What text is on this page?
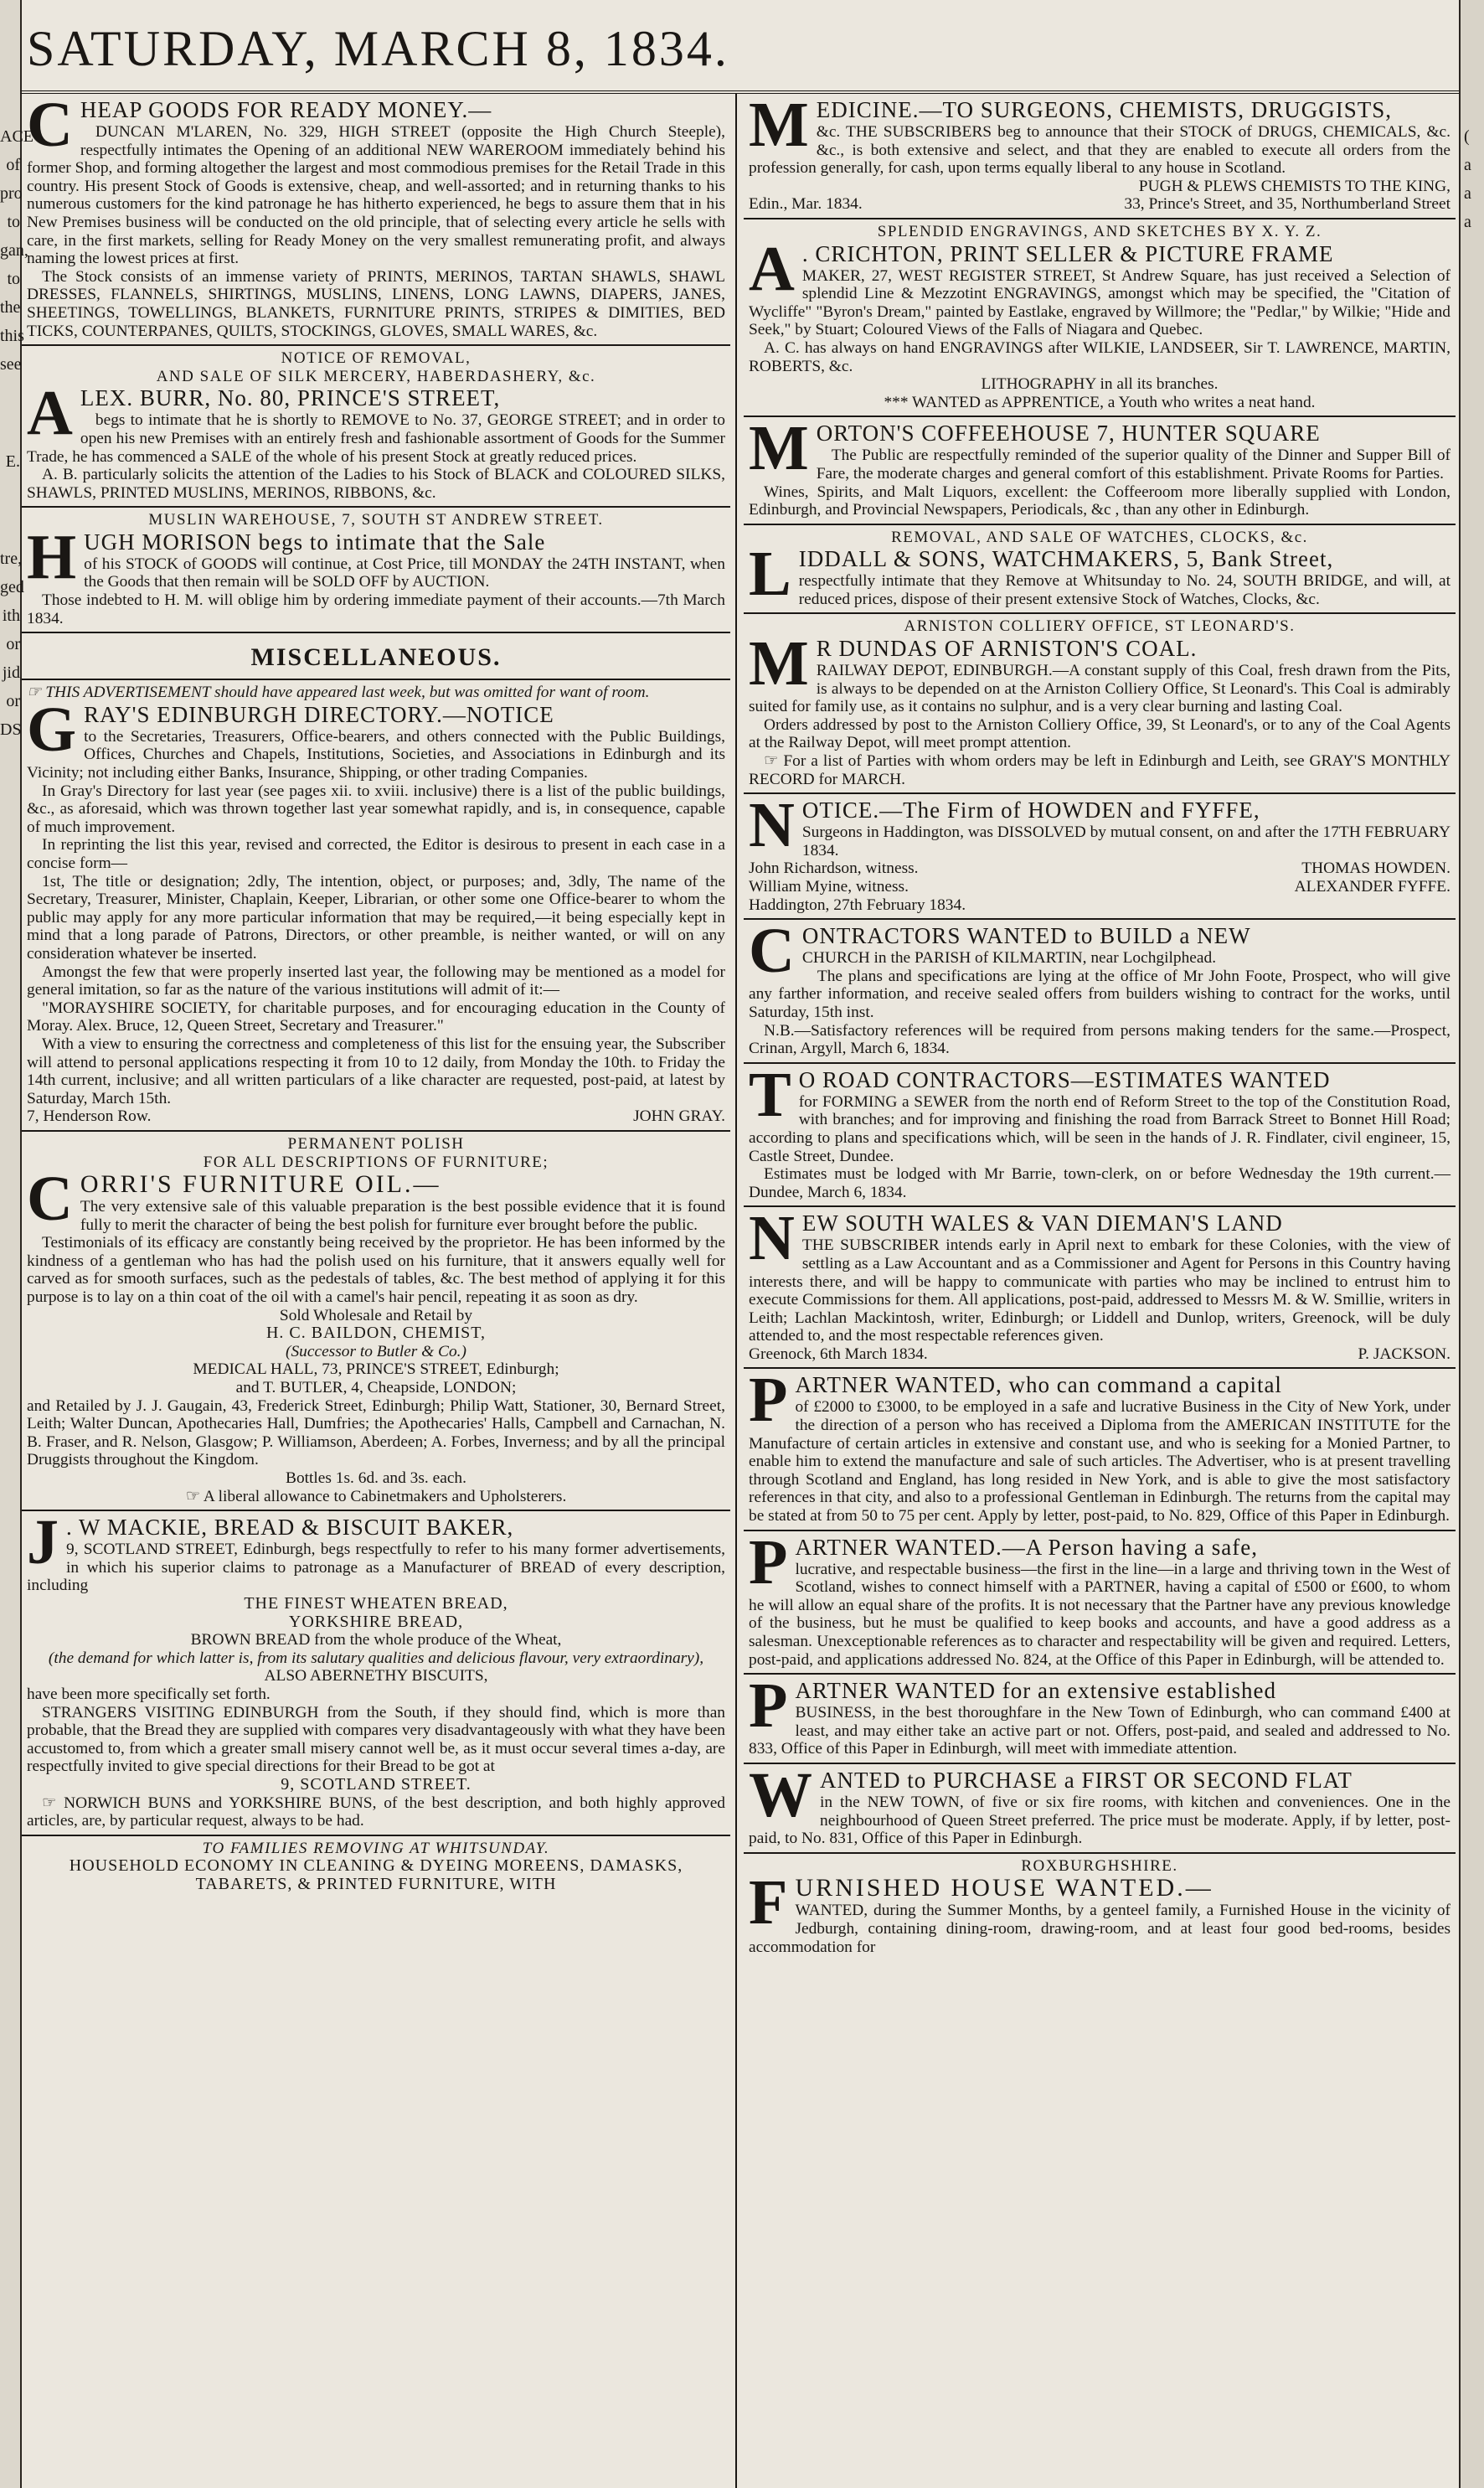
ACE
of
pro
to
gan,
to
the
this
see
E.
tre,
ged
ith
or
jid
or
DS
SATURDAY, MARCH 8, 1834.
CHEAP GOODS FOR READY MONEY.—

DUNCAN M'LAREN, No. 329, HIGH STREET (opposite the High Church Steeple), respectfully intimates the Opening of an additional NEW WAREROOM immediately behind his former Shop, and forming altogether the largest and most commodious premises for the Retail Trade in this country. His present Stock of Goods is extensive, cheap, and well-assorted; and in returning thanks to his numerous customers for the kind patronage he has hitherto experienced, he begs to assure them that in his New Premises business will be conducted on the old principle, that of selecting every article he sells with care, in the first markets, selling for Ready Money on the very smallest remunerating profit, and always naming the lowest prices at first.

The Stock consists of an immense variety of PRINTS, MERINOS, TARTAN SHAWLS, SHAWL DRESSES, FLANNELS, SHIRTINGS, MUSLINS, LINENS, LONG LAWNS, DIAPERS, JANES, SHEETINGS, TOWELLINGS, BLANKETS, FURNITURE PRINTS, STRIPES & DIMITIES, BED TICKS, COUNTERPANES, QUILTS, STOCKINGS, GLOVES, SMALL WARES, &c.

NOTICE OF REMOVAL,
AND SALE OF SILK MERCERY, HABERDASHERY, &c.
ALEX. BURR, No. 80, PRINCE'S STREET,

begs to intimate that he is shortly to REMOVE to No. 37, GEORGE STREET; and in order to open his new Premises with an entirely fresh and fashionable assortment of Goods for the Summer Trade, he has commenced a SALE of the whole of his present Stock at greatly reduced prices.

A. B. particularly solicits the attention of the Ladies to his Stock of BLACK and COLOURED SILKS, SHAWLS, PRINTED MUSLINS, MERINOS, RIBBONS, &c.

MUSLIN WAREHOUSE, 7, SOUTH ST ANDREW STREET.
HUGH MORISON begs to intimate that the Sale

of his STOCK of GOODS will continue, at Cost Price, till MONDAY the 24TH INSTANT, when the Goods that then remain will be SOLD OFF by AUCTION.

Those indebted to H. M. will oblige him by ordering immediate payment of their accounts.—7th March 1834.

MISCELLANEOUS.

☞ THIS ADVERTISEMENT should have appeared last week, but was omitted for want of room.

GRAY'S EDINBURGH DIRECTORY.—NOTICE

to the Secretaries, Treasurers, Office-bearers, and others connected with the Public Buildings, Offices, Churches and Chapels, Institutions, Societies, and Associations in Edinburgh and its Vicinity; not including either Banks, Insurance, Shipping, or other trading Companies.

In Gray's Directory for last year (see pages xii. to xviii. inclusive) there is a list of the public buildings, &c., as aforesaid, which was thrown together last year somewhat rapidly, and is, in consequence, capable of much improvement.

In reprinting the list this year, revised and corrected, the Editor is desirous to present in each case in a concise form—

1st, The title or designation; 2dly, The intention, object, or purposes; and, 3dly, The name of the Secretary, Treasurer, Minister, Chaplain, Keeper, Librarian, or other some one Office-bearer to whom the public may apply for any more particular information that may be required,—it being especially kept in mind that a long parade of Patrons, Directors, or other preamble, is neither wanted, or will on any consideration whatever be inserted.

Amongst the few that were properly inserted last year, the following may be mentioned as a model for general imitation, so far as the nature of the various institutions will admit of it:—

"MORAYSHIRE SOCIETY, for charitable purposes, and for encouraging education in the County of Moray. Alex. Bruce, 12, Queen Street, Secretary and Treasurer."

With a view to ensuring the correctness and completeness of this list for the ensuing year, the Subscriber will attend to personal applications respecting it from 10 to 12 daily, from Monday the 10th. to Friday the 14th current, inclusive; and all written particulars of a like character are requested, post-paid, at latest by Saturday, March 15th.

7, Henderson Row.	JOHN GRAY.
PERMANENT POLISH
FOR ALL DESCRIPTIONS OF FURNITURE;
CORRI'S FURNITURE OIL.—

The very extensive sale of this valuable preparation is the best possible evidence that it is found fully to merit the character of being the best polish for furniture ever brought before the public.

Testimonials of its efficacy are constantly being received by the proprietor. He has been informed by the kindness of a gentleman who has had the polish used on his furniture, that it answers equally well for carved as for smooth surfaces, such as the pedestals of tables, &c. The best method of applying it for this purpose is to lay on a thin coat of the oil with a camel's hair pencil, repeating it as soon as dry.

Sold Wholesale and Retail by
H. C. BAILDON, CHEMIST,
(Successor to Butler & Co.)
MEDICAL HALL, 73, PRINCE'S STREET, Edinburgh;
and T. BUTLER, 4, Cheapside, LONDON;

and Retailed by J. J. Gaugain, 43, Frederick Street, Edinburgh; Philip Watt, Stationer, 30, Bernard Street, Leith; Walter Duncan, Apothecaries Hall, Dumfries; the Apothecaries' Halls, Campbell and Carnachan, N. B. Fraser, and R. Nelson, Glasgow; P. Williamson, Aberdeen; A. Forbes, Inverness; and by all the principal Druggists throughout the Kingdom.

Bottles 1s. 6d. and 3s. each.
☞ A liberal allowance to Cabinetmakers and Upholsterers.
J . W MACKIE, BREAD & BISCUIT BAKER,

9, SCOTLAND STREET, Edinburgh, begs respectfully to refer to his many former advertisements, in which his superior claims to patronage as a Manufacturer of BREAD of every description, including

THE FINEST WHEATEN BREAD,
YORKSHIRE BREAD,
BROWN BREAD from the whole produce of the Wheat,
(the demand for which latter is, from its salutary qualities and delicious flavour, very extraordinary),
ALSO ABERNETHY BISCUITS,

have been more specifically set forth.

STRANGERS VISITING EDINBURGH from the South, if they should find, which is more than probable, that the Bread they are supplied with compares very disadvantageously with what they have been accustomed to, from which a greater small misery cannot well be, as it must occur several times a-day, are respectfully invited to give special directions for their Bread to be got at

9, SCOTLAND STREET.

☞ NORWICH BUNS and YORKSHIRE BUNS, of the best description, and both highly approved articles, are, by particular request, always to be had.

TO FAMILIES REMOVING AT WHITSUNDAY.
HOUSEHOLD ECONOMY IN CLEANING & DYEING MOREENS, DAMASKS, TABARETS, & PRINTED FURNITURE, WITH
MEDICINE.—TO SURGEONS, CHEMISTS, DRUGGISTS,

&c. THE SUBSCRIBERS beg to announce that their STOCK of DRUGS, CHEMICALS, &c. &c., is both extensive and select, and that they are enabled to execute all orders from the profession generally, for cash, upon terms equally liberal to any house in Scotland.

PUGH & PLEWS CHEMISTS TO THE KING,
Edin., Mar. 1834.	33, Prince's Street, and 35, Northumberland Street
SPLENDID ENGRAVINGS, AND SKETCHES BY X. Y. Z.
A . CRICHTON, PRINT SELLER & PICTURE FRAME

MAKER, 27, WEST REGISTER STREET, St Andrew Square, has just received a Selection of splendid Line & Mezzotint ENGRAVINGS, amongst which may be specified, the "Citation of Wycliffe" "Byron's Dream," painted by Eastlake, engraved by Willmore; the "Pedlar," by Wilkie; "Hide and Seek," by Stuart; Coloured Views of the Falls of Niagara and Quebec.

A. C. has always on hand ENGRAVINGS after WILKIE, LANDSEER, Sir T. LAWRENCE, MARTIN, ROBERTS, &c.

LITHOGRAPHY in all its branches.
*** WANTED as APPRENTICE, a Youth who writes a neat hand.
MORTON'S COFFEEHOUSE 7, HUNTER SQUARE

The Public are respectfully reminded of the superior quality of the Dinner and Supper Bill of Fare, the moderate charges and general comfort of this establishment. Private Rooms for Parties.

Wines, Spirits, and Malt Liquors, excellent: the Coffeeroom more liberally supplied with London, Edinburgh, and Provincial Newspapers, Periodicals, &c , than any other in Edinburgh.

REMOVAL, AND SALE OF WATCHES, CLOCKS, &c.
LIDDALL & SONS, WATCHMAKERS, 5, Bank Street,

respectfully intimate that they Remove at Whitsunday to No. 24, SOUTH BRIDGE, and will, at reduced prices, dispose of their present extensive Stock of Watches, Clocks, &c.

ARNISTON COLLIERY OFFICE, ST LEONARD'S.
M R DUNDAS OF ARNISTON'S COAL.

RAILWAY DEPOT, EDINBURGH.—A constant supply of this Coal, fresh drawn from the Pits, is always to be depended on at the Arniston Colliery Office, St Leonard's. This Coal is admirably suited for family use, as it contains no sulphur, and is a very clear burning and lasting Coal.

Orders addressed by post to the Arniston Colliery Office, 39, St Leonard's, or to any of the Coal Agents at the Railway Depot, will meet prompt attention.

☞ For a list of Parties with whom orders may be left in Edinburgh and Leith, see GRAY'S MONTHLY RECORD for MARCH.

NOTICE.—The Firm of HOWDEN and FYFFE,

Surgeons in Haddington, was DISSOLVED by mutual consent, on and after the 17TH FEBRUARY 1834.

John Richardson, witness.	THOMAS HOWDEN.
William Myine, witness.	ALEXANDER FYFFE.
Haddington, 27th February 1834.
CONTRACTORS WANTED to BUILD a NEW

CHURCH in the PARISH of KILMARTIN, near Lochgilphead.

The plans and specifications are lying at the office of Mr John Foote, Prospect, who will give any farther information, and receive sealed offers from builders wishing to contract for the works, until Saturday, 15th inst.

N.B.—Satisfactory references will be required from persons making tenders for the same.—Prospect, Crinan, Argyll, March 6, 1834.

T O ROAD CONTRACTORS—ESTIMATES WANTED

for FORMING a SEWER from the north end of Reform Street to the top of the Constitution Road, with branches; and for improving and finishing the road from Barrack Street to Bonnet Hill Road; according to plans and specifications which, will be seen in the hands of J. R. Findlater, civil engineer, 15, Castle Street, Dundee.

Estimates must be lodged with Mr Barrie, town-clerk, on or before Wednesday the 19th current.—Dundee, March 6, 1834.

NEW SOUTH WALES & VAN DIEMAN'S LAND

THE SUBSCRIBER intends early in April next to embark for these Colonies, with the view of settling as a Law Accountant and as a Commissioner and Agent for Persons in this Country having interests there, and will be happy to communicate with parties who may be inclined to entrust him to execute Commissions for them. All applications, post-paid, addressed to Messrs M. & W. Smillie, writers in Leith; Lachlan Mackintosh, writer, Edinburgh; or Liddell and Dunlop, writers, Greenock, will be duly attended to, and the most respectable references given.

Greenock, 6th March 1834.	P. JACKSON.
PARTNER WANTED, who can command a capital

of £2000 to £3000, to be employed in a safe and lucrative Business in the City of New York, under the direction of a person who has received a Diploma from the AMERICAN INSTITUTE for the Manufacture of certain articles in extensive and constant use, and who is seeking for a Monied Partner, to enable him to extend the manufacture and sale of such articles. The Advertiser, who is at present travelling through Scotland and England, has long resided in New York, and is able to give the most satisfactory references in that city, and also to a professional Gentleman in Edinburgh. The returns from the capital may be stated at from 50 to 75 per cent. Apply by letter, post-paid, to No. 829, Office of this Paper in Edinburgh.

PARTNER WANTED.—A Person having a safe,

lucrative, and respectable business—the first in the line—in a large and thriving town in the West of Scotland, wishes to connect himself with a PARTNER, having a capital of £500 or £600, to whom he will allow an equal share of the profits. It is not necessary that the Partner have any previous knowledge of the business, but he must be qualified to keep books and accounts, and have a good address as a salesman. Unexceptionable references as to character and respectability will be given and required. Letters, post-paid, and applications addressed No. 824, at the Office of this Paper in Edinburgh, will be attended to.

PARTNER WANTED for an extensive established

BUSINESS, in the best thoroughfare in the New Town of Edinburgh, who can command £400 at least, and may either take an active part or not. Offers, post-paid, and sealed and addressed to No. 833, Office of this Paper in Edinburgh, will meet with immediate attention.

WANTED to PURCHASE a FIRST OR SECOND FLAT

in the NEW TOWN, of five or six fire rooms, with kitchen and conveniences. One in the neighbourhood of Queen Street preferred. The price must be moderate. Apply, if by letter, post-paid, to No. 831, Office of this Paper in Edinburgh.

ROXBURGHSHIRE.
FURNISHED HOUSE WANTED.—

WANTED, during the Summer Months, by a genteel family, a Furnished House in the vicinity of Jedburgh, containing dining-room, drawing-room, and at least four good bed-rooms, besides accommodation for

(
a
a
a
